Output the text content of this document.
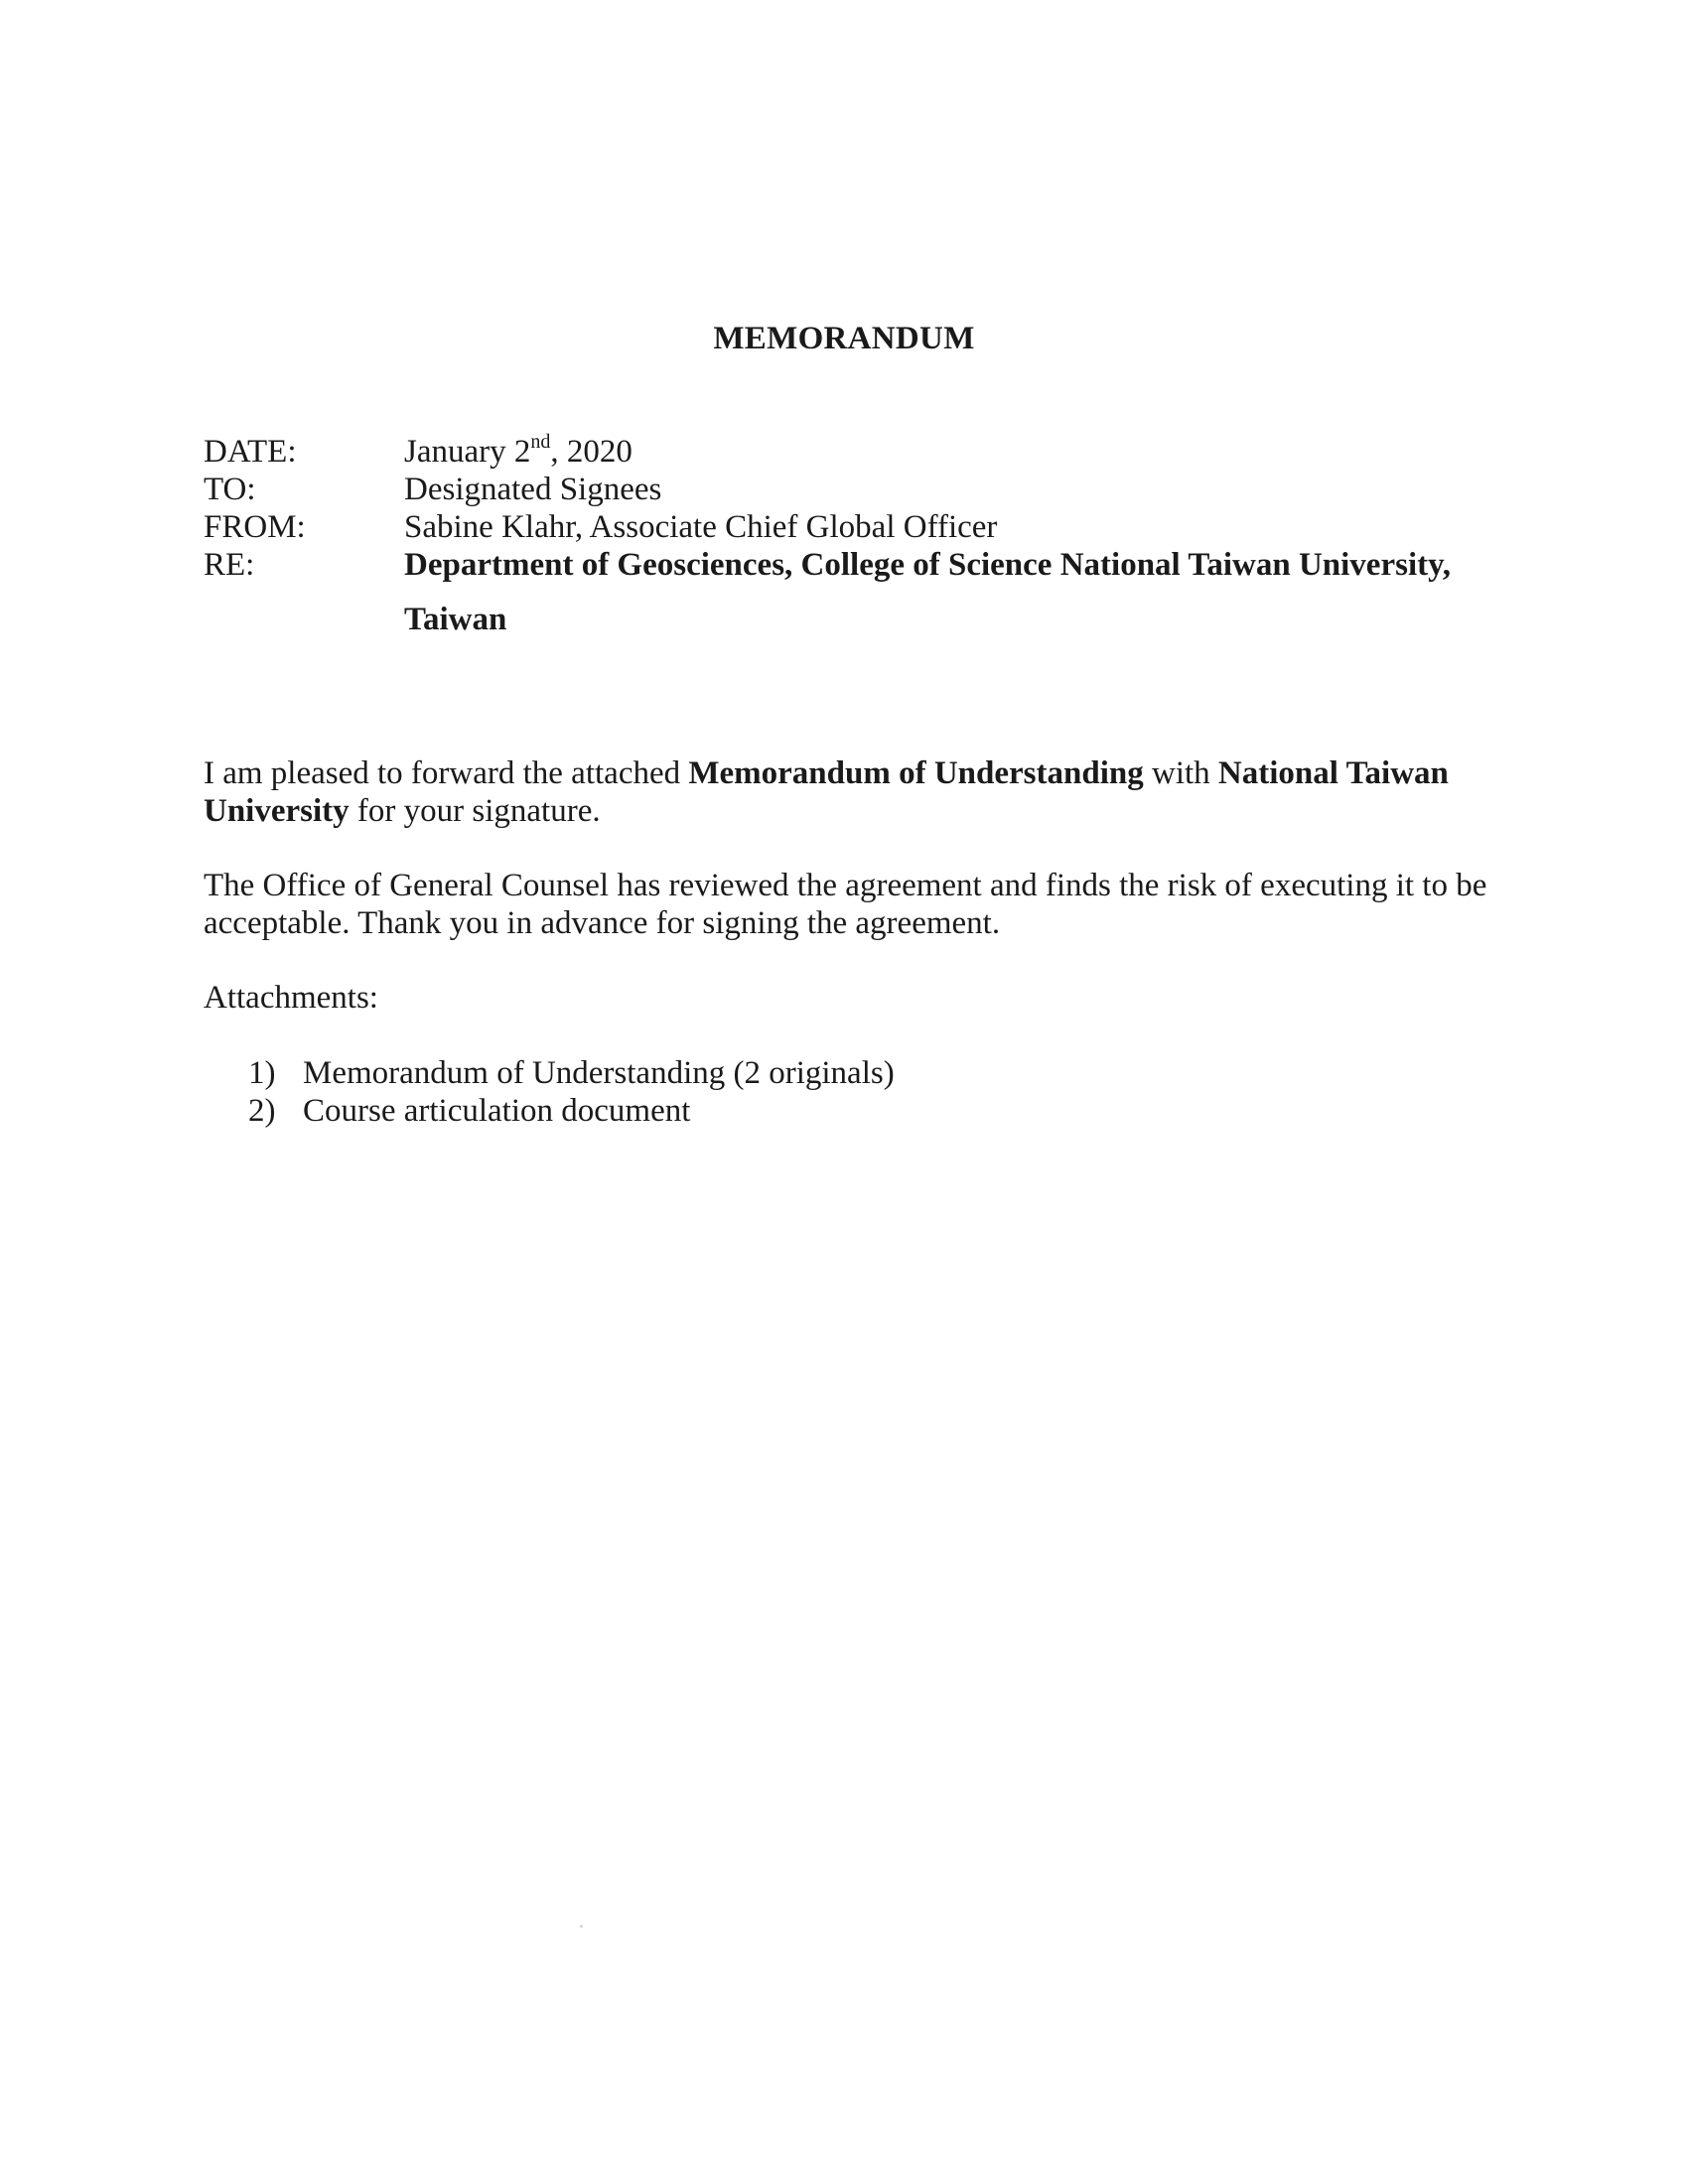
MEMORANDUM
DATE:	January 2nd, 2020
TO:	Designated Signees
FROM:	Sabine Klahr, Associate Chief Global Officer
RE:	Department of Geosciences, College of Science National Taiwan University, Taiwan
I am pleased to forward the attached Memorandum of Understanding with National Taiwan University for your signature.
The Office of General Counsel has reviewed the agreement and finds the risk of executing it to be acceptable. Thank you in advance for signing the agreement.
Attachments:
1) Memorandum of Understanding (2 originals)
2) Course articulation document
